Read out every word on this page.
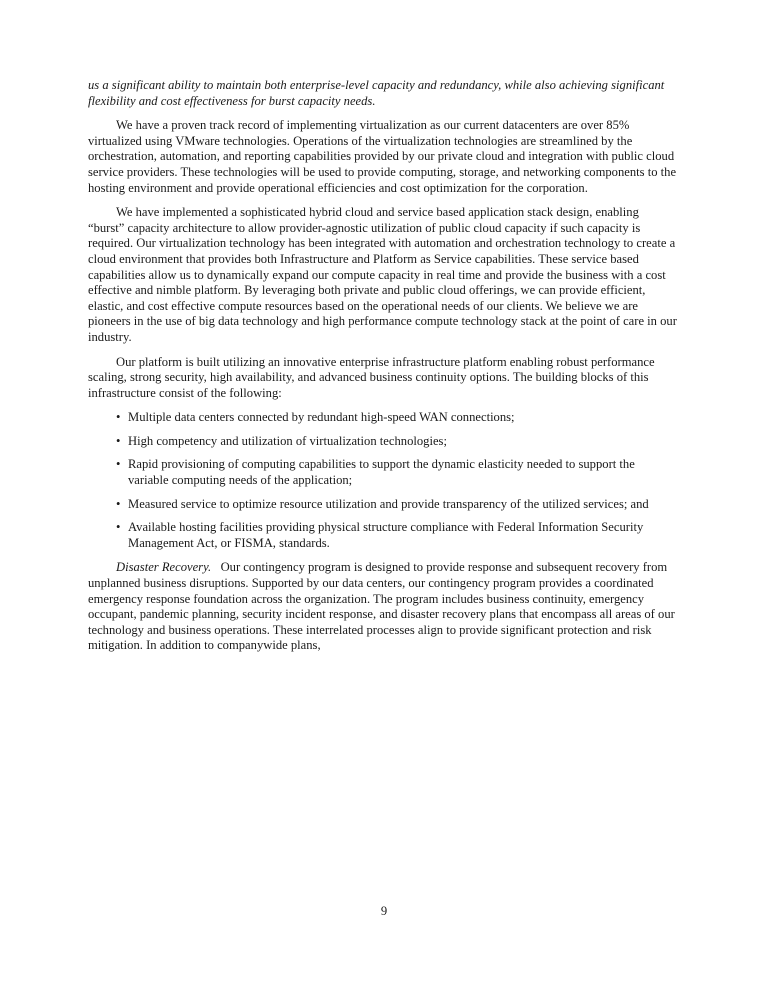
us a significant ability to maintain both enterprise-level capacity and redundancy, while also achieving significant flexibility and cost effectiveness for burst capacity needs.

We have a proven track record of implementing virtualization as our current datacenters are over 85% virtualized using VMware technologies. Operations of the virtualization technologies are streamlined by the orchestration, automation, and reporting capabilities provided by our private cloud and integration with public cloud service providers. These technologies will be used to provide computing, storage, and networking components to the hosting environment and provide operational efficiencies and cost optimization for the corporation.

We have implemented a sophisticated hybrid cloud and service based application stack design, enabling “burst” capacity architecture to allow provider-agnostic utilization of public cloud capacity if such capacity is required. Our virtualization technology has been integrated with automation and orchestration technology to create a cloud environment that provides both Infrastructure and Platform as Service capabilities. These service based capabilities allow us to dynamically expand our compute capacity in real time and provide the business with a cost effective and nimble platform. By leveraging both private and public cloud offerings, we can provide efficient, elastic, and cost effective compute resources based on the operational needs of our clients. We believe we are pioneers in the use of big data technology and high performance compute technology stack at the point of care in our industry.

Our platform is built utilizing an innovative enterprise infrastructure platform enabling robust performance scaling, strong security, high availability, and advanced business continuity options. The building blocks of this infrastructure consist of the following:

• Multiple data centers connected by redundant high-speed WAN connections;
• High competency and utilization of virtualization technologies;
• Rapid provisioning of computing capabilities to support the dynamic elasticity needed to support the variable computing needs of the application;
• Measured service to optimize resource utilization and provide transparency of the utilized services; and
• Available hosting facilities providing physical structure compliance with Federal Information Security Management Act, or FISMA, standards.

Disaster Recovery. Our contingency program is designed to provide response and subsequent recovery from unplanned business disruptions. Supported by our data centers, our contingency program provides a coordinated emergency response foundation across the organization. The program includes business continuity, emergency occupant, pandemic planning, security incident response, and disaster recovery plans that encompass all areas of our technology and business operations. These interrelated processes align to provide significant protection and risk mitigation. In addition to companywide plans,

9
